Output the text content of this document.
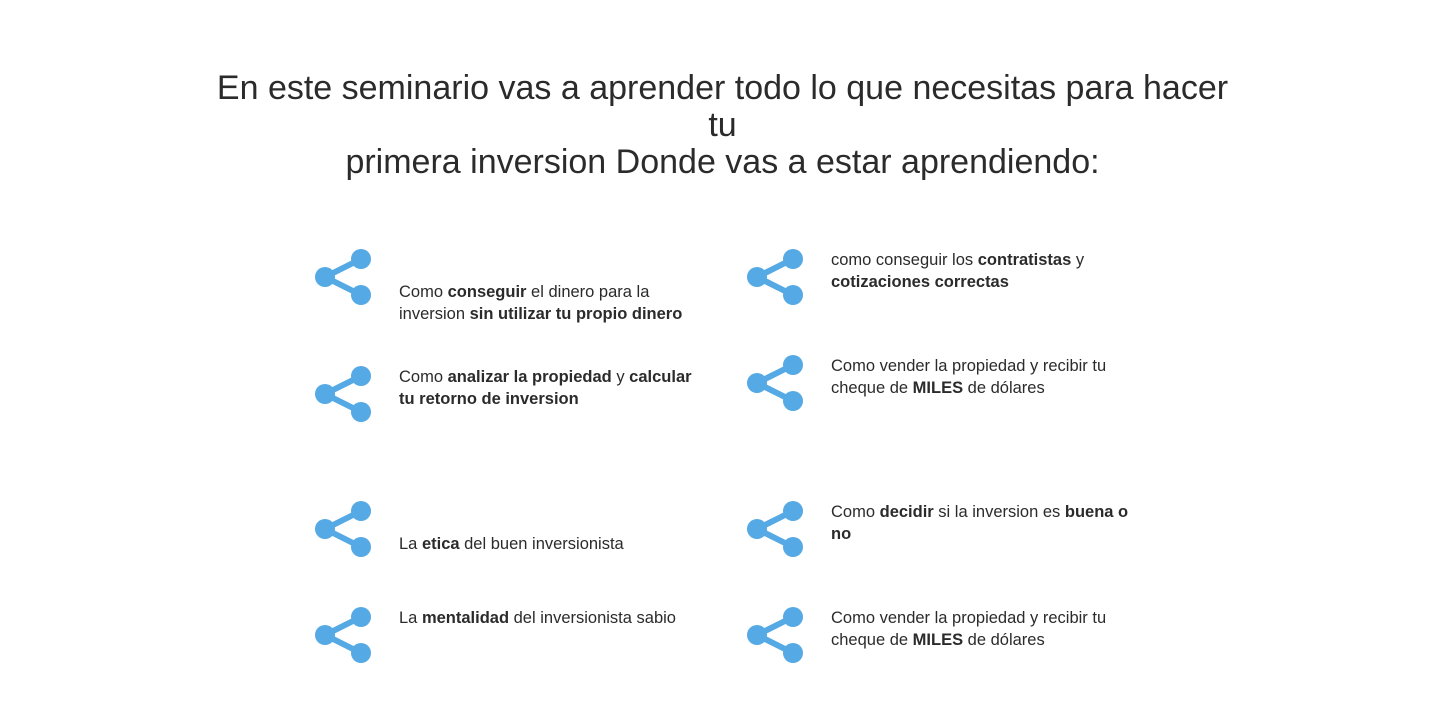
En este seminario vas a aprender todo lo que necesitas para hacer tu
primera inversion Donde vas a estar aprendiendo:

Como conseguir el dinero para la inversion sin utilizar tu propio dinero

como conseguir los contratistas y cotizaciones correctas

Como analizar la propiedad y calcular tu retorno de inversion

Como vender la propiedad y recibir tu cheque de MILES de dólares

La etica del buen inversionista

Como decidir si la inversion es buena o no

La mentalidad del inversionista sabio	Como vender la propiedad y recibir tu cheque de MILES de dólares
